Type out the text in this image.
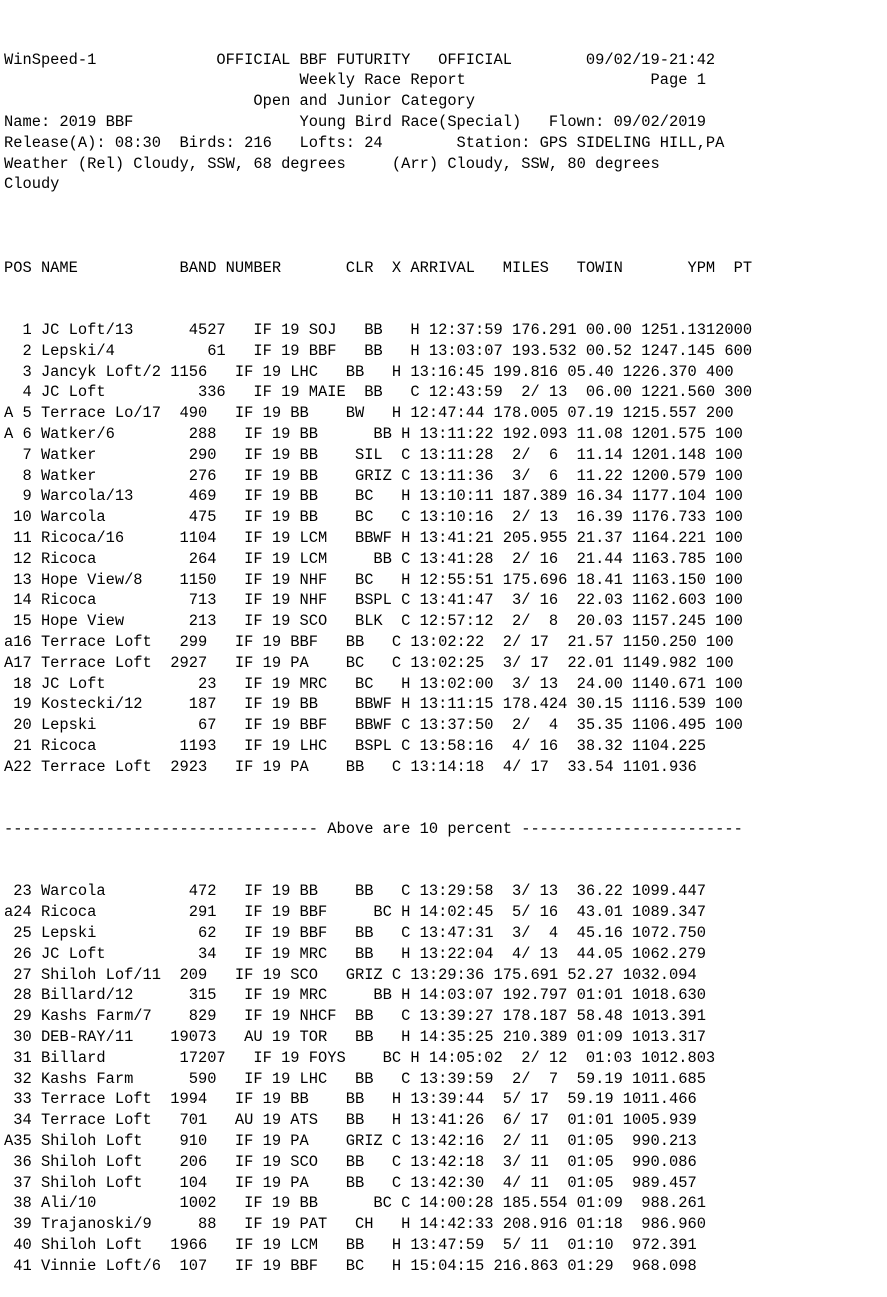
WinSpeed-1             OFFICIAL BBF FUTURITY   OFFICIAL        09/02/19-21:42
Weekly Race Report                    Page 1
Open and Junior Category
Name: 2019 BBF                  Young Bird Race(Special)   Flown: 09/02/2019
Release(A): 08:30  Birds: 216   Lofts: 24        Station: GPS SIDELING HILL,PA
Weather (Rel) Cloudy, SSW, 68 degrees     (Arr) Cloudy, SSW, 80 degrees
Cloudy

POS NAME           BAND NUMBER       CLR  X ARRIVAL   MILES   TOWIN       YPM  PT

1 JC Loft/13      4527   IF 19 SOJ   BB   H 12:37:59 176.291 00.00 1251.1312000
2 Lepski/4          61   IF 19 BBF   BB   H 13:03:07 193.532 00.52 1247.145 600
3 Jancyk Loft/2 1156   IF 19 LHC   BB   H 13:16:45 199.816 05.40 1226.370 400
4 JC Loft          336   IF 19 MAIE  BB   C 12:43:59  2/ 13  06.00 1221.560 300
A 5 Terrace Lo/17  490   IF 19 BB    BW   H 12:47:44 178.005 07.19 1215.557 200
A 6 Watker/6        288   IF 19 BB      BB H 13:11:22 192.093 11.08 1201.575 100
7 Watker          290   IF 19 BB    SIL  C 13:11:28  2/  6  11.14 1201.148 100
8 Watker          276   IF 19 BB    GRIZ C 13:11:36  3/  6  11.22 1200.579 100
9 Warcola/13      469   IF 19 BB    BC   H 13:10:11 187.389 16.34 1177.104 100
10 Warcola         475   IF 19 BB    BC   C 13:10:16  2/ 13  16.39 1176.733 100
11 Ricoca/16      1104   IF 19 LCM   BBWF H 13:41:21 205.955 21.37 1164.221 100
12 Ricoca          264   IF 19 LCM     BB C 13:41:28  2/ 16  21.44 1163.785 100
13 Hope View/8    1150   IF 19 NHF   BC   H 12:55:51 175.696 18.41 1163.150 100
14 Ricoca          713   IF 19 NHF   BSPL C 13:41:47  3/ 16  22.03 1162.603 100
15 Hope View       213   IF 19 SCO   BLK  C 12:57:12  2/  8  20.03 1157.245 100
a16 Terrace Loft   299   IF 19 BBF   BB   C 13:02:22  2/ 17  21.57 1150.250 100
A17 Terrace Loft  2927   IF 19 PA    BC   C 13:02:25  3/ 17  22.01 1149.982 100
18 JC Loft          23   IF 19 MRC   BC   H 13:02:00  3/ 13  24.00 1140.671 100
19 Kostecki/12     187   IF 19 BB    BBWF H 13:11:15 178.424 30.15 1116.539 100
20 Lepski           67   IF 19 BBF   BBWF C 13:37:50  2/  4  35.35 1106.495 100
21 Ricoca         1193   IF 19 LHC   BSPL C 13:58:16  4/ 16  38.32 1104.225
A22 Terrace Loft  2923   IF 19 PA    BB   C 13:14:18  4/ 17  33.54 1101.936

---------------------------------- Above are 10 percent ------------------------

23 Warcola         472   IF 19 BB    BB   C 13:29:58  3/ 13  36.22 1099.447
a24 Ricoca          291   IF 19 BBF     BC H 14:02:45  5/ 16  43.01 1089.347
25 Lepski           62   IF 19 BBF   BB   C 13:47:31  3/  4  45.16 1072.750
26 JC Loft          34   IF 19 MRC   BB   H 13:22:04  4/ 13  44.05 1062.279
27 Shiloh Lof/11  209   IF 19 SCO   GRIZ C 13:29:36 175.691 52.27 1032.094
28 Billard/12      315   IF 19 MRC     BB H 14:03:07 192.797 01:01 1018.630
29 Kashs Farm/7    829   IF 19 NHCF  BB   C 13:39:27 178.187 58.48 1013.391
30 DEB-RAY/11    19073   AU 19 TOR   BB   H 14:35:25 210.389 01:09 1013.317
31 Billard        17207   IF 19 FOYS    BC H 14:05:02  2/ 12  01:03 1012.803
32 Kashs Farm      590   IF 19 LHC   BB   C 13:39:59  2/  7  59.19 1011.685
33 Terrace Loft  1994   IF 19 BB    BB   H 13:39:44  5/ 17  59.19 1011.466
34 Terrace Loft   701   AU 19 ATS   BB   H 13:41:26  6/ 17  01:01 1005.939
A35 Shiloh Loft    910   IF 19 PA    GRIZ C 13:42:16  2/ 11  01:05  990.213
36 Shiloh Loft    206   IF 19 SCO   BB   C 13:42:18  3/ 11  01:05  990.086
37 Shiloh Loft    104   IF 19 PA    BB   C 13:42:30  4/ 11  01:05  989.457
38 Ali/10         1002   IF 19 BB      BC C 14:00:28 185.554 01:09  988.261
39 Trajanoski/9     88   IF 19 PAT   CH   H 14:42:33 208.916 01:18  986.960
40 Shiloh Loft   1966   IF 19 LCM   BB   H 13:47:59  5/ 11  01:10  972.391
41 Vinnie Loft/6  107   IF 19 BBF   BC   H 15:04:15 216.863 01:29  968.098
